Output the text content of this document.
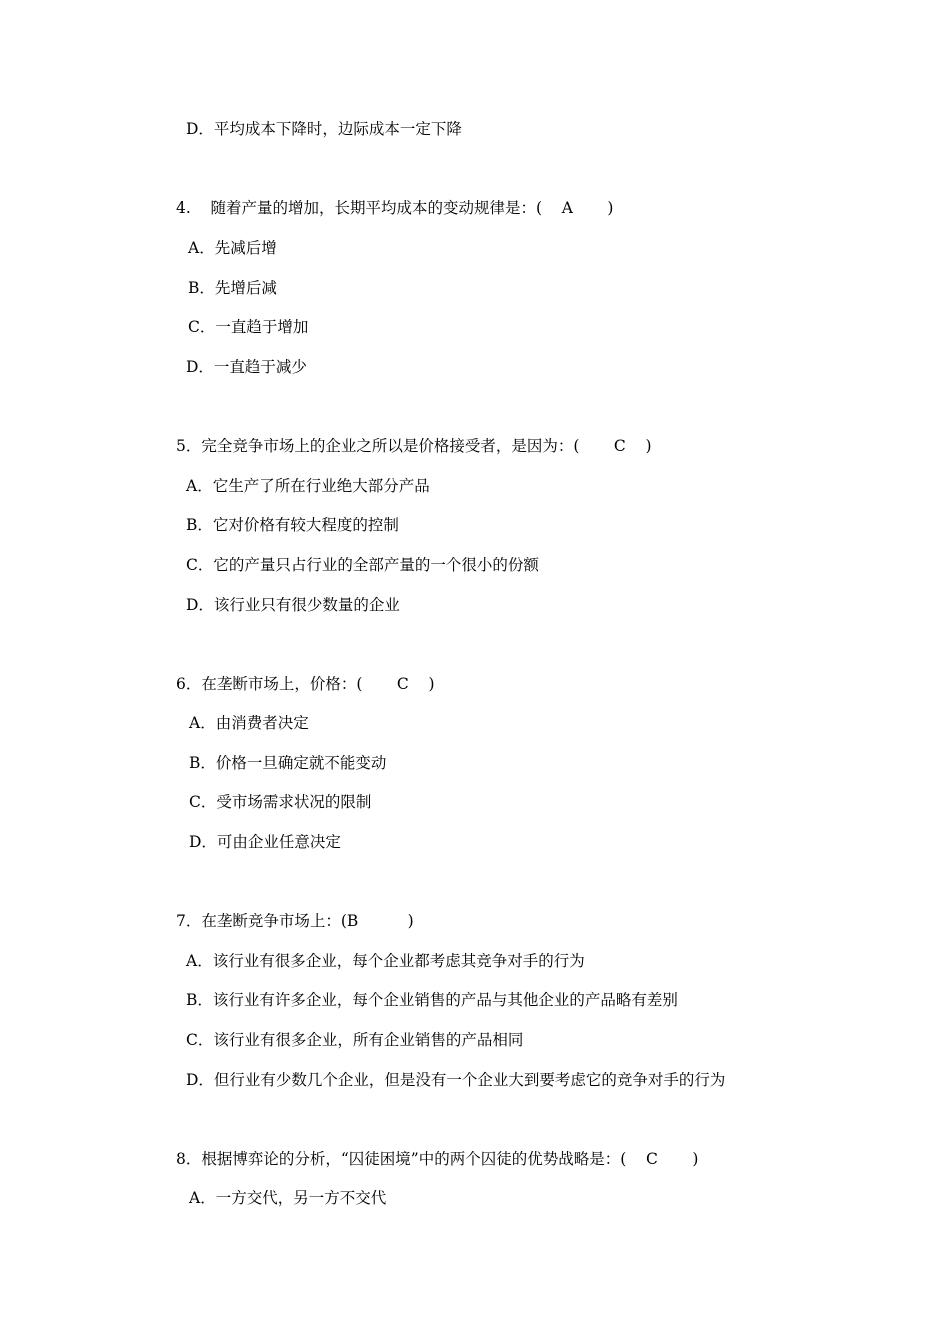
D．平均成本下降时，边际成本一定下降
4.    随着产量的增加，长期平均成本的变动规律是：(    A       )
A．先减后增
B．先增后减
C．一直趋于增加
D．一直趋于减少
5．完全竞争市场上的企业之所以是价格接受者，是因为：(       C    )
A．它生产了所在行业绝大部分产品
B．它对价格有较大程度的控制
C．它的产量只占行业的全部产量的一个很小的份额
D．该行业只有很少数量的企业
6．在垄断市场上，价格：(       C    )
A．由消费者决定
B．价格一旦确定就不能变动
C．受市场需求状况的限制
D．可由企业任意决定
7．在垄断竞争市场上：(B          )
A．该行业有很多企业，每个企业都考虑其竞争对手的行为
B．该行业有许多企业，每个企业销售的产品与其他企业的产品略有差别
C．该行业有很多企业，所有企业销售的产品相同
D．但行业有少数几个企业，但是没有一个企业大到要考虑它的竞争对手的行为
8．根据博弈论的分析，“囚徒困境”中的两个囚徒的优势战略是：(    C       )
A．一方交代，另一方不交代
